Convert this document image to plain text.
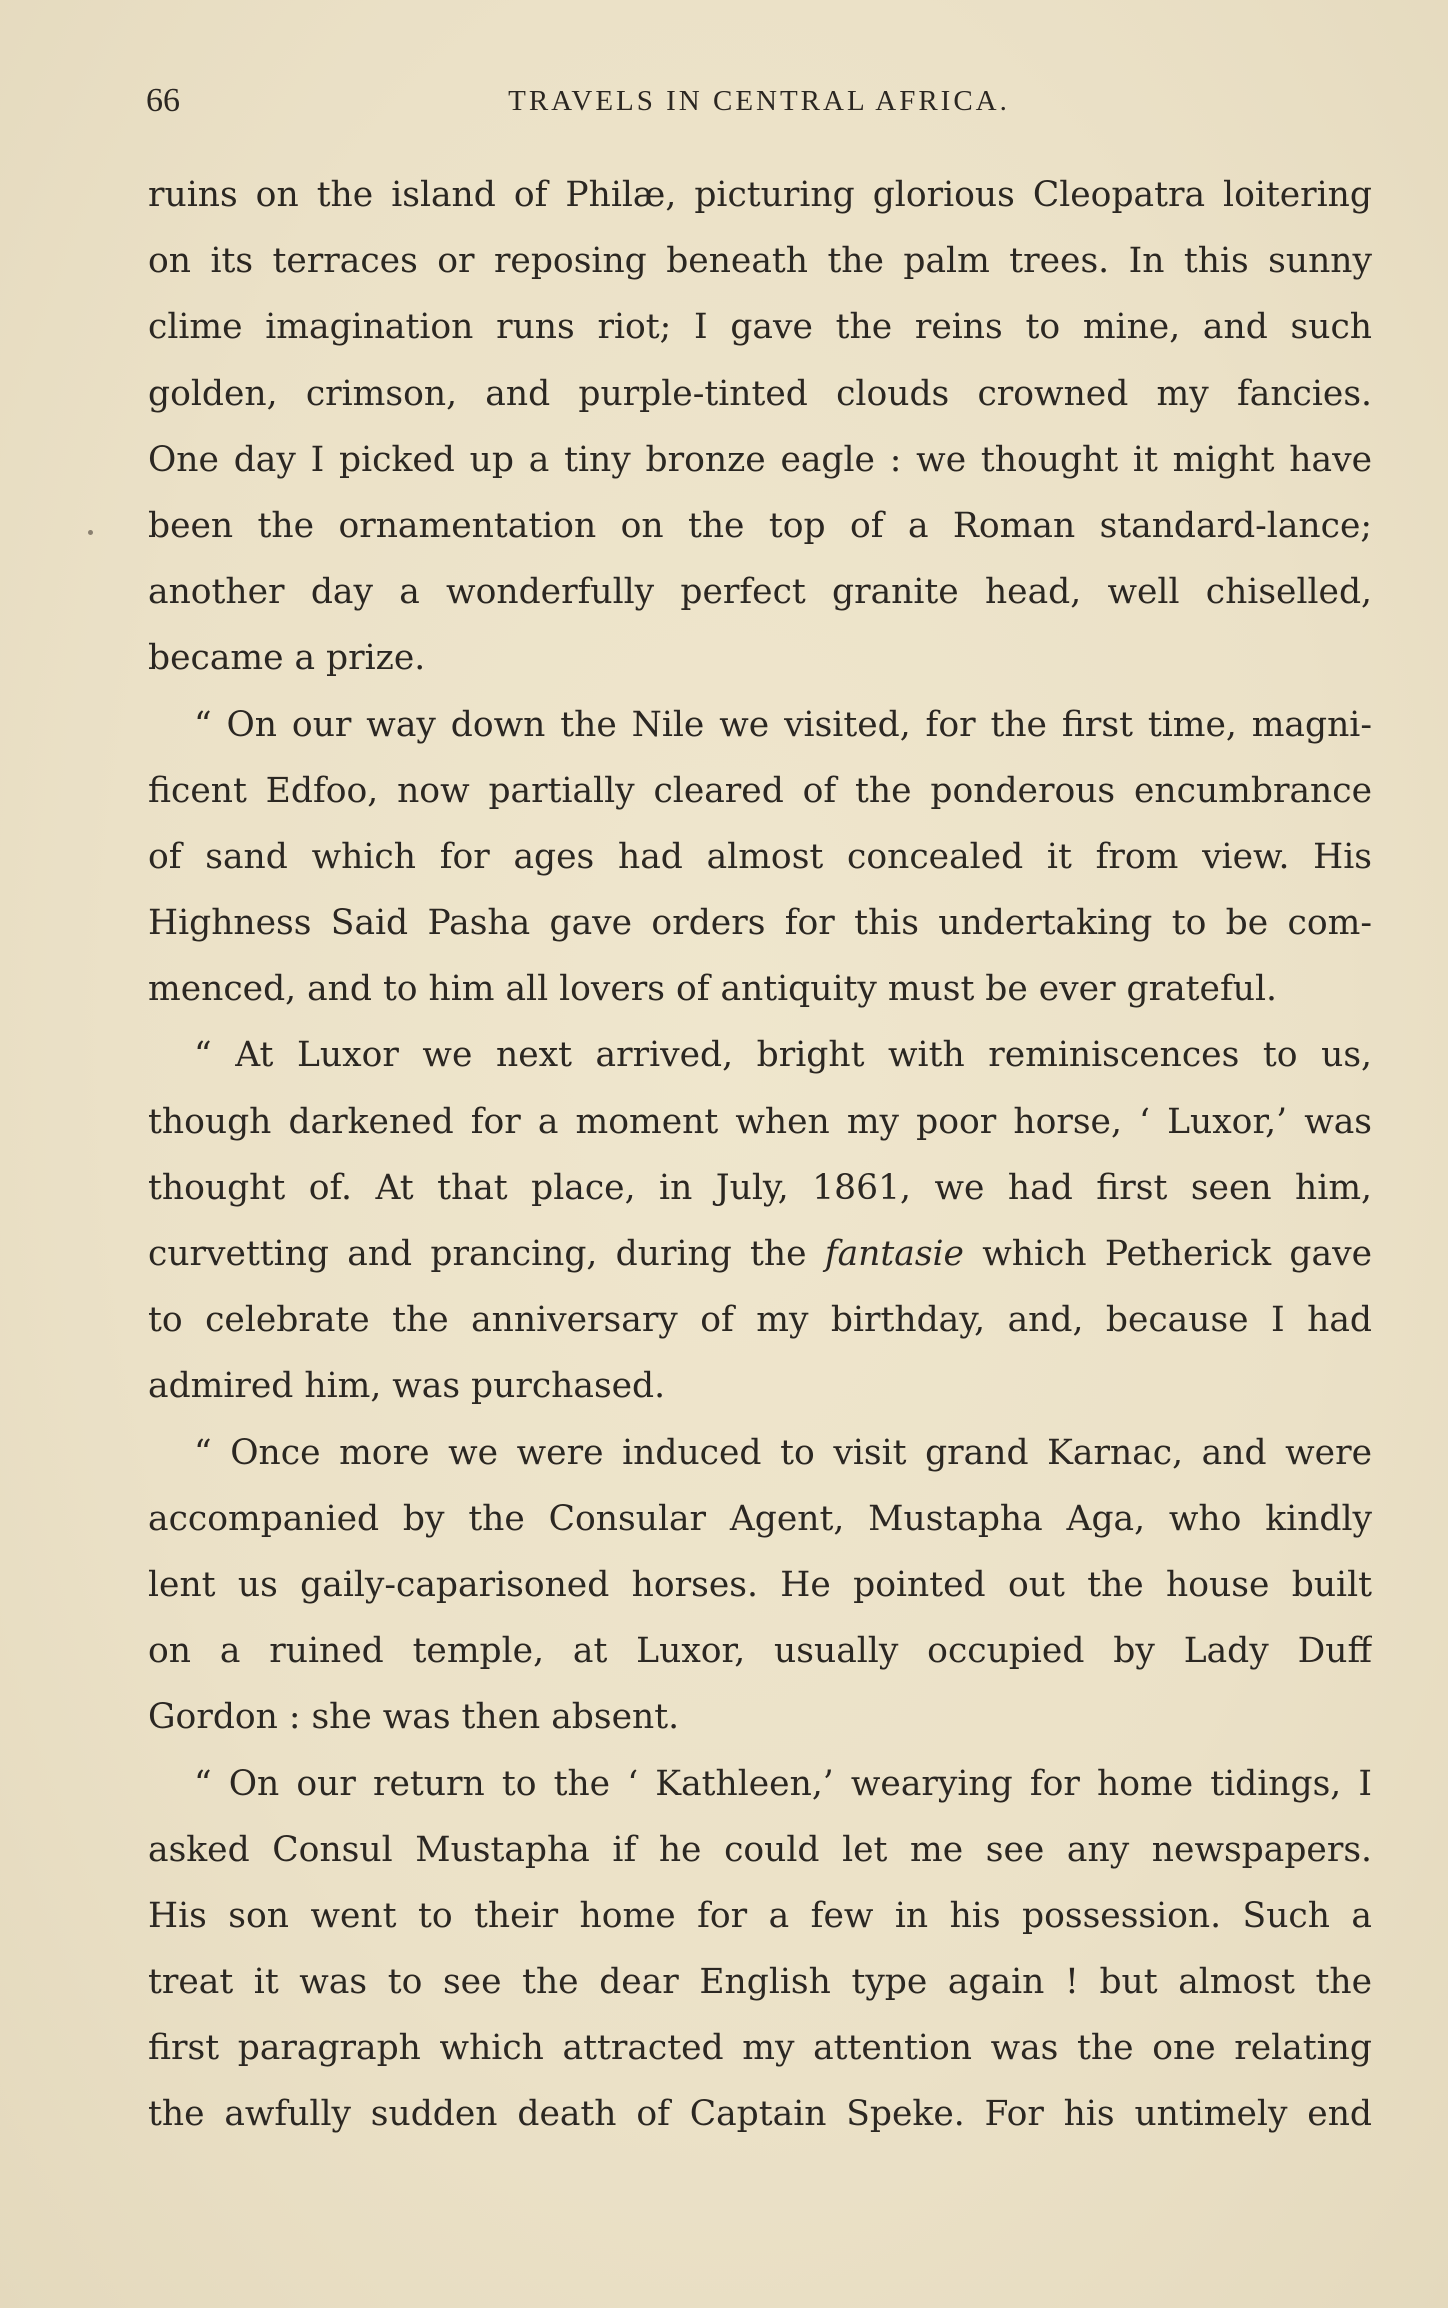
66	TRAVELS IN CENTRAL AFRICA.
ruins on the island of Philæ, picturing glorious Cleopatra loitering
on its terraces or reposing beneath the palm trees. In this sunny
clime imagination runs riot; I gave the reins to mine, and such
golden, crimson, and purple-tinted clouds crowned my fancies.
One day I picked up a tiny bronze eagle : we thought it might have
been the ornamentation on the top of a Roman standard-lance;
another day a wonderfully perfect granite head, well chiselled,
became a prize.
“ On our way down the Nile we visited, for the first time, magni-
ficent Edfoo, now partially cleared of the ponderous encumbrance
of sand which for ages had almost concealed it from view. His
Highness Said Pasha gave orders for this undertaking to be com-
menced, and to him all lovers of antiquity must be ever grateful.
“ At Luxor we next arrived, bright with reminiscences to us,
though darkened for a moment when my poor horse, ‘ Luxor,’ was
thought of. At that place, in July, 1861, we had first seen him,
curvetting and prancing, during the fantasie which Petherick gave
to celebrate the anniversary of my birthday, and, because I had
admired him, was purchased.
“ Once more we were induced to visit grand Karnac, and were
accompanied by the Consular Agent, Mustapha Aga, who kindly
lent us gaily-caparisoned horses. He pointed out the house built
on a ruined temple, at Luxor, usually occupied by Lady Duff
Gordon : she was then absent.
“ On our return to the ‘ Kathleen,’ wearying for home tidings, I
asked Consul Mustapha if he could let me see any newspapers.
His son went to their home for a few in his possession. Such a
treat it was to see the dear English type again ! but almost the
first paragraph which attracted my attention was the one relating
the awfully sudden death of Captain Speke. For his untimely end
